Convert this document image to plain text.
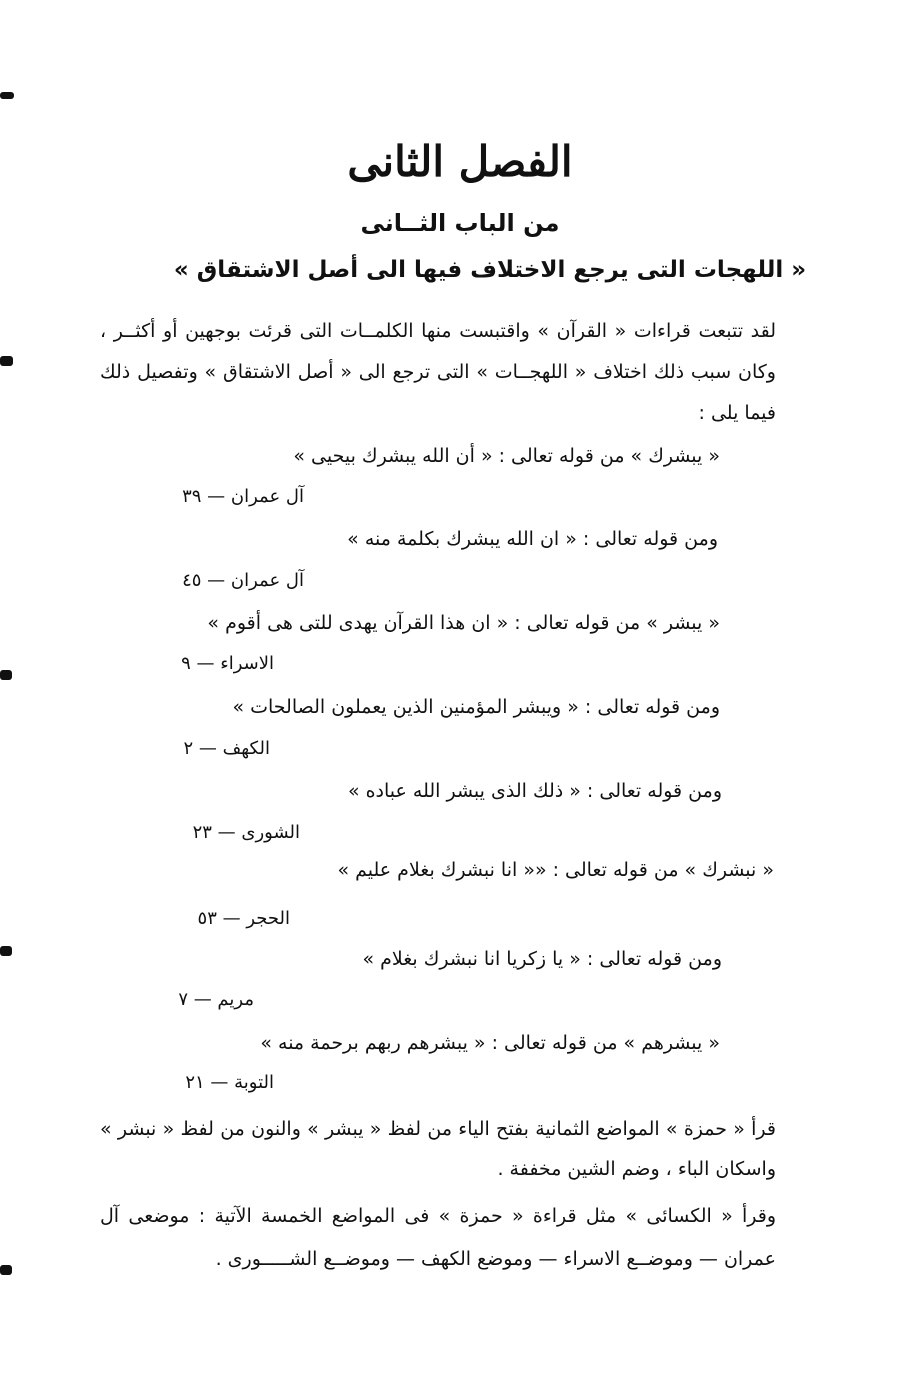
الفصل الثانى
من الباب الثــانى
« اللهجات التى يرجع الاختلاف فيها الى أصل الاشتقاق »
لقد تتبعت قراءات « القرآن » واقتبست منها الكلمــات التى قرئت بوجهين أو أكثــر ، وكان سبب ذلك اختلاف « اللهجــات » التى ترجع الى « أصل الاشتقاق » وتفصيل ذلك فيما يلى :
« يبشرك » من قوله تعالى : « أن الله يبشرك بيحيى »
آل عمران — ٣٩
ومن قوله تعالى : « ان الله يبشرك بكلمة منه »
آل عمران — ٤٥
« يبشر » من قوله تعالى : « ان هذا القرآن يهدى للتى هى أقوم »
الاسراء — ٩
ومن قوله تعالى : « ويبشر المؤمنين الذين يعملون الصالحات »
الكهف — ٢
ومن قوله تعالى : « ذلك الذى يبشر الله عباده »
الشورى — ٢٣
« نبشرك » من قوله تعالى : «« انا نبشرك بغلام عليم »
الحجر — ٥٣
ومن قوله تعالى : « يا زكريا انا نبشرك بغلام »
مريم — ٧
« يبشرهم » من قوله تعالى : « يبشرهم ربهم برحمة منه »
التوبة — ٢١
قرأ « حمزة » المواضع الثمانية بفتح الياء من لفظ « يبشر » والنون من لفظ « نبشر » واسكان الباء ، وضم الشين مخففة .
وقرأ « الكسائى » مثل قراءة « حمزة » فى المواضع الخمسة الآتية : موضعى آل عمران — وموضــع الاسراء — وموضع الكهف — وموضــع الشـــــورى .
